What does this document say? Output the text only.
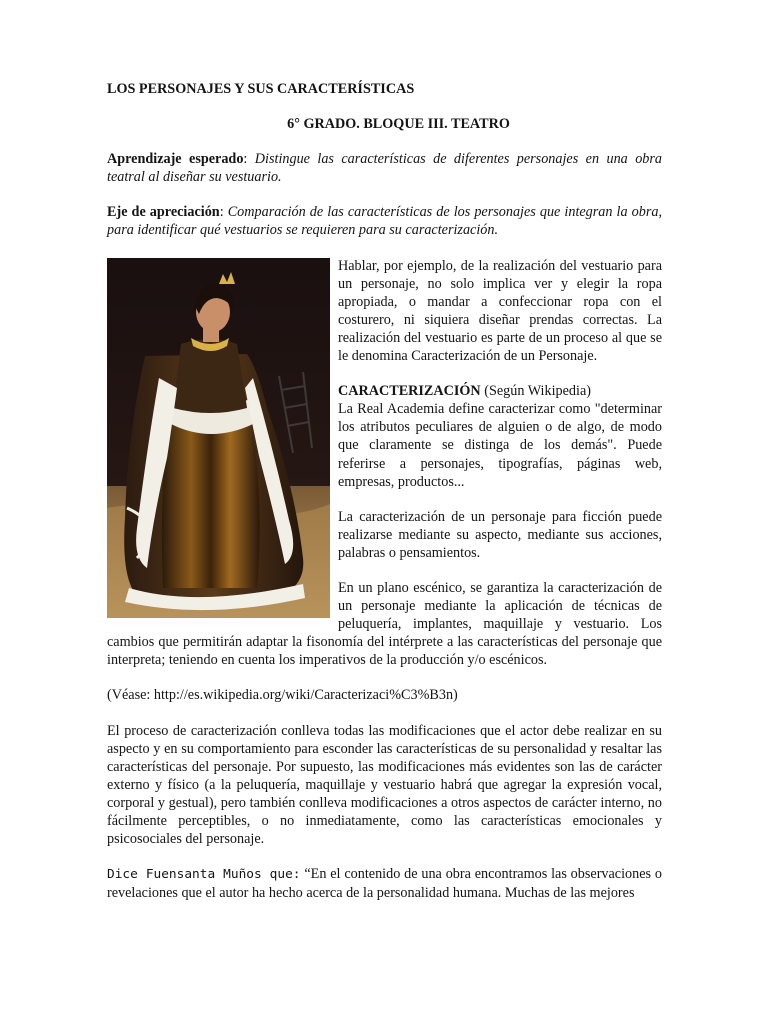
LOS PERSONAJES Y SUS CARACTERÍSTICAS

6° GRADO. BLOQUE III. TEATRO

Aprendizaje esperado: Distingue las características de diferentes personajes en una obra teatral al diseñar su vestuario.

Eje de apreciación: Comparación de las características de los personajes que integran la obra, para identificar qué vestuarios se requieren para su caracterización.

Hablar, por ejemplo, de la realización del vestuario para un personaje, no solo implica ver y elegir la ropa apropiada, o mandar a confeccionar ropa con el costurero, ni siquiera diseñar prendas correctas. La realización del vestuario es parte de un proceso al que se le denomina Caracterización de un Personaje.

CARACTERIZACIÓN (Según Wikipedia)

La Real Academia define caracterizar como "determinar los atributos peculiares de alguien o de algo, de modo que claramente se distinga de los demás". Puede referirse a personajes, tipografías, páginas web, empresas, productos...

La caracterización de un personaje para ficción puede realizarse mediante su aspecto, mediante sus acciones, palabras o pensamientos.

En un plano escénico, se garantiza la caracterización de un personaje mediante la aplicación de técnicas de peluquería, implantes, maquillaje y vestuario. Los cambios que permitirán adaptar la fisonomía del intérprete a las características del personaje que interpreta; teniendo en cuenta los imperativos de la producción y/o escénicos.

(Véase: http://es.wikipedia.org/wiki/Caracterizaci%C3%B3n)

El proceso de caracterización conlleva todas las modificaciones que el actor debe realizar en su aspecto y en su comportamiento para esconder las características de su personalidad y resaltar las características del personaje. Por supuesto, las modificaciones más evidentes son las de carácter externo y físico (a la peluquería, maquillaje y vestuario habrá que agregar la expresión vocal, corporal y gestual), pero también conlleva modificaciones a otros aspectos de carácter interno, no fácilmente perceptibles, o no inmediatamente, como las características emocionales y psicosociales del personaje.

Dice Fuensanta Muños que: “En el contenido de una obra encontramos las observaciones o revelaciones que el autor ha hecho acerca de la personalidad humana. Muchas de las mejores
